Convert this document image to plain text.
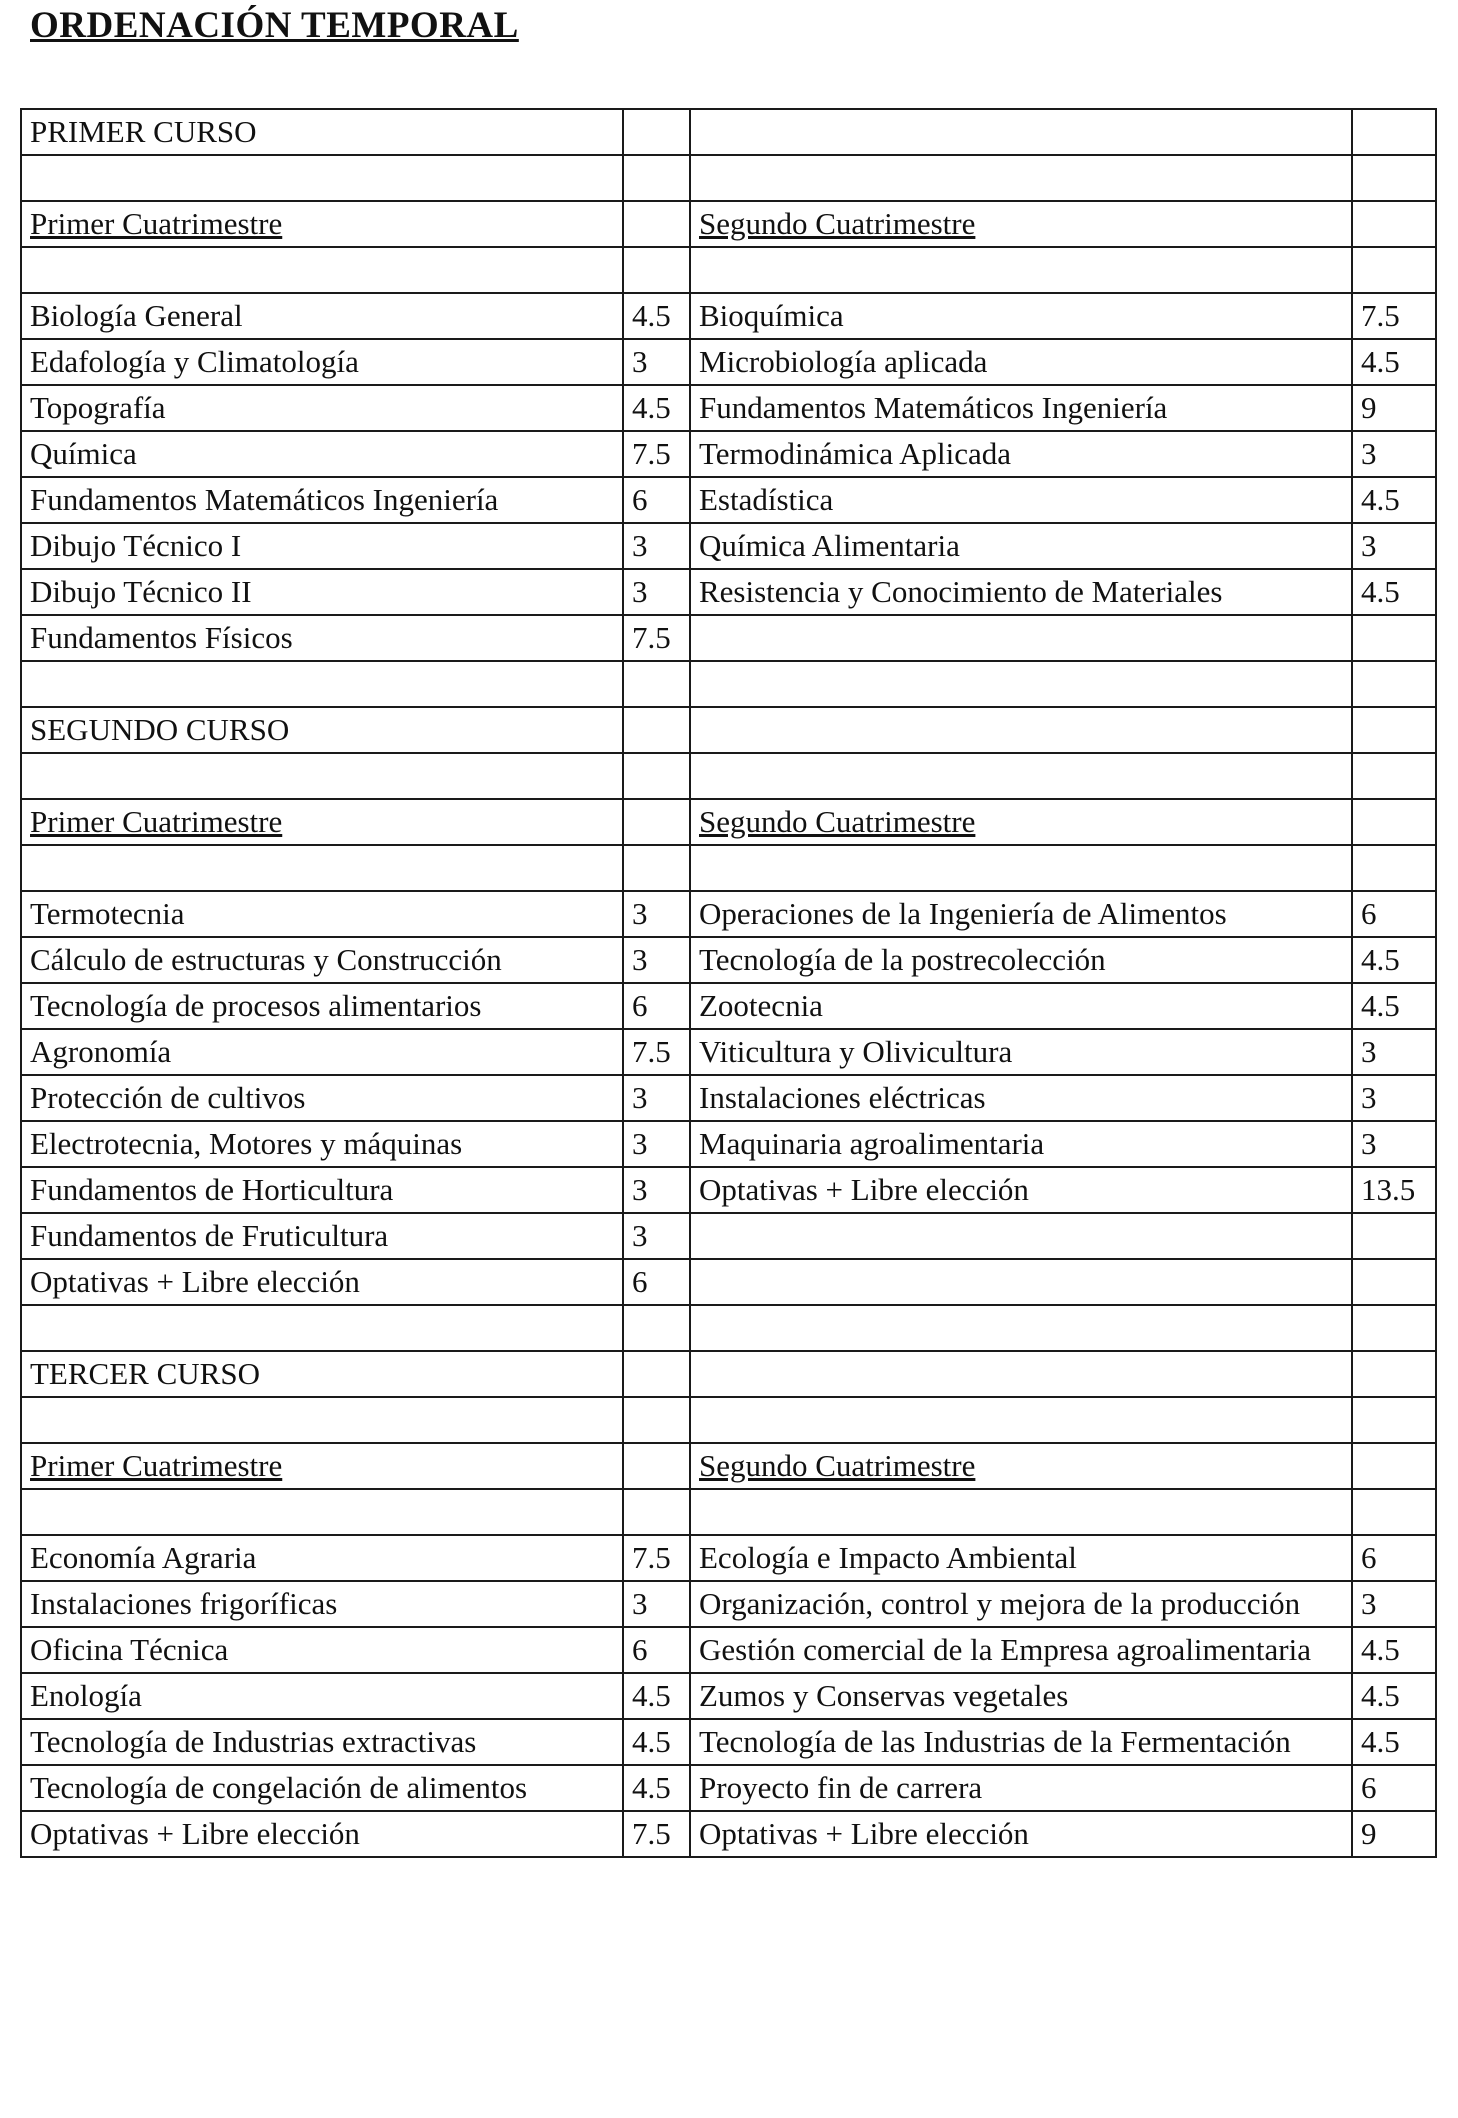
ORDENACIÓN TEMPORAL
PRIMER CURSO			

Primer Cuatrimestre		Segundo Cuatrimestre	

Biología General	4.5	Bioquímica	7.5
Edafología y Climatología	3	Microbiología aplicada	4.5
Topografía	4.5	Fundamentos Matemáticos Ingeniería	9
Química	7.5	Termodinámica Aplicada	3
Fundamentos Matemáticos Ingeniería	6	Estadística	4.5
Dibujo Técnico I	3	Química Alimentaria	3
Dibujo Técnico II	3	Resistencia y Conocimiento de Materiales	4.5
Fundamentos Físicos	7.5		

SEGUNDO CURSO			

Primer Cuatrimestre		Segundo Cuatrimestre	

Termotecnia	3	Operaciones de la Ingeniería de Alimentos	6
Cálculo de estructuras y Construcción	3	Tecnología de la postrecolección	4.5
Tecnología de procesos alimentarios	6	Zootecnia	4.5
Agronomía	7.5	Viticultura y Olivicultura	3
Protección de cultivos	3	Instalaciones eléctricas	3
Electrotecnia, Motores y máquinas	3	Maquinaria agroalimentaria	3
Fundamentos de Horticultura	3	Optativas + Libre elección	13.5
Fundamentos de Fruticultura	3		
Optativas + Libre elección	6		

TERCER CURSO			

Primer Cuatrimestre		Segundo Cuatrimestre	

Economía Agraria	7.5	Ecología e Impacto Ambiental	6
Instalaciones frigoríficas	3	Organización, control y mejora de la producción	3
Oficina Técnica	6	Gestión comercial de la Empresa agroalimentaria	4.5
Enología	4.5	Zumos y Conservas vegetales	4.5
Tecnología de Industrias extractivas	4.5	Tecnología de las Industrias de la Fermentación	4.5
Tecnología de congelación de alimentos	4.5	Proyecto fin de carrera	6
Optativas + Libre elección	7.5	Optativas + Libre elección	9
